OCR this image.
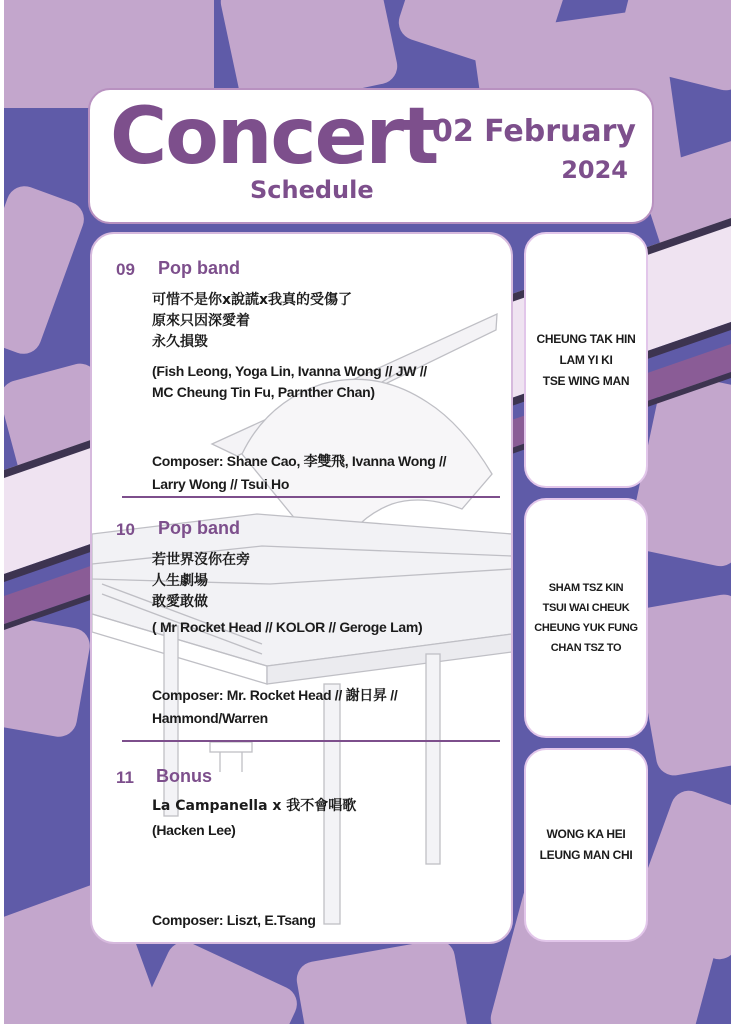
Concert
Schedule
02 February
2024
09 Pop band
可惜不是你x說謊x我真的受傷了
原來只因深愛着
永久損毀
(Fish Leong, Yoga Lin, Ivanna Wong // JW //
MC Cheung Tin Fu, Parnther Chan)
Composer: Shane Cao, 李雙飛, Ivanna Wong //
Larry Wong // Tsui Ho
10 Pop band
若世界沒你在旁
人生劇場
敢愛敢做
( Mr Rocket Head // KOLOR // Geroge Lam)
Composer: Mr. Rocket Head // 謝日昇 //
Hammond/Warren
11 Bonus
La Campanella x 我不會唱歌
(Hacken Lee)
Composer: Liszt, E.Tsang
CHEUNG TAK HIN
LAM YI KI
TSE WING MAN
SHAM TSZ KIN
TSUI WAI CHEUK
CHEUNG YUK FUNG
CHAN TSZ TO
WONG KA HEI
LEUNG MAN CHI
